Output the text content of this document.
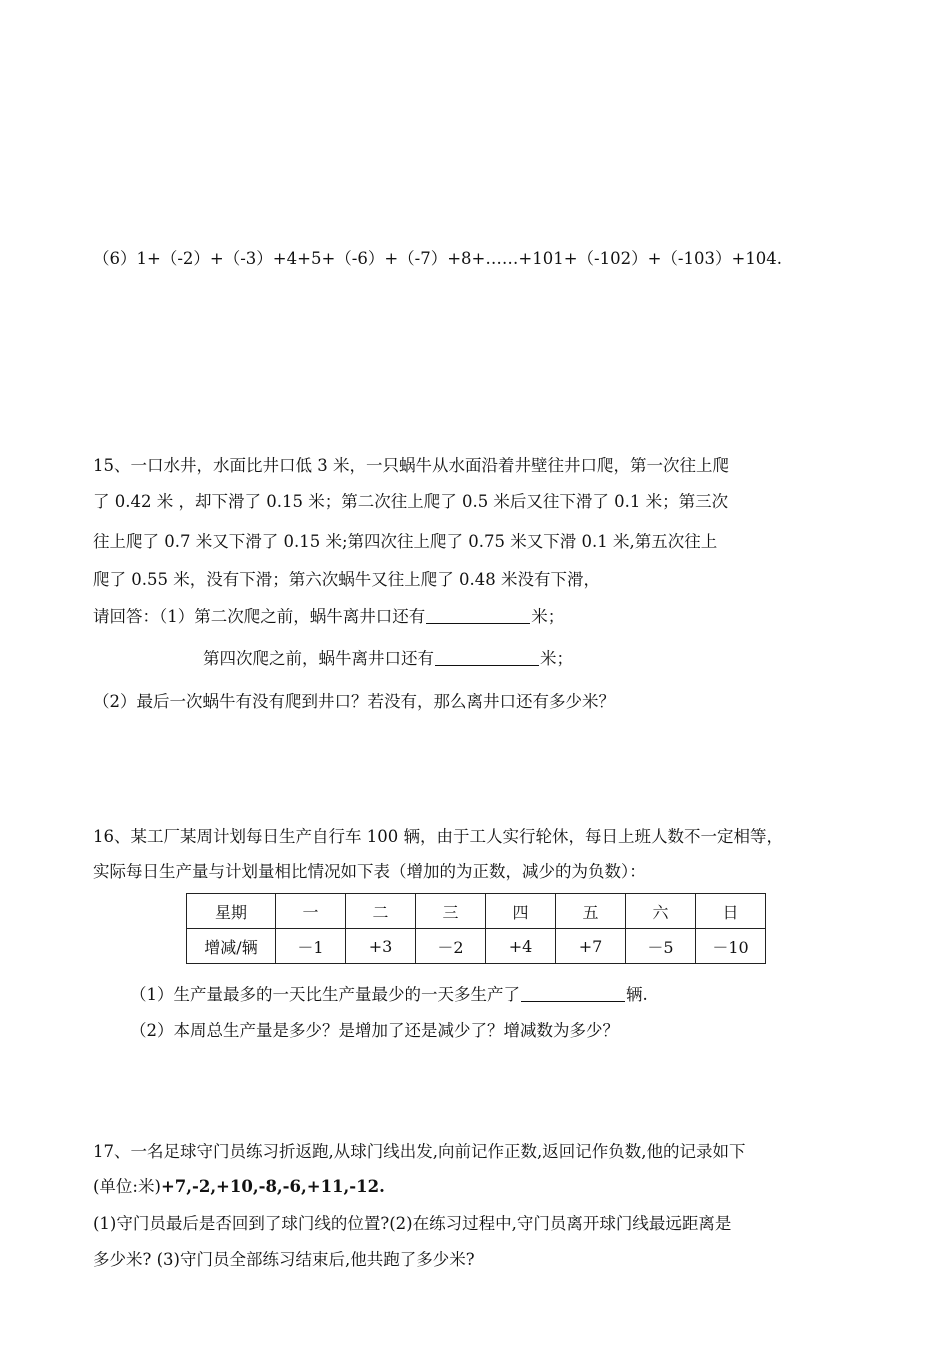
（6）1+（-2）+（-3）+4+5+（-6）+（-7）+8+……+101+（-102）+（-103）+104.
15、一口水井，水面比井口低 3 米，一只蜗牛从水面沿着井壁往井口爬，第一次往上爬
了 0.42 米 ，却下滑了 0.15 米；第二次往上爬了 0.5 米后又往下滑了 0.1 米；第三次
往上爬了 0.7 米又下滑了 0.15 米;第四次往上爬了 0.75 米又下滑 0.1 米,第五次往上
爬了 0.55 米，没有下滑；第六次蜗牛又往上爬了 0.48 米没有下滑，
请回答：（1）第二次爬之前，蜗牛离井口还有	米；
第四次爬之前，蜗牛离井口还有	米；
（2）最后一次蜗牛有没有爬到井口？若没有，那么离井口还有多少米？
16、某工厂某周计划每日生产自行车 100 辆，由于工人实行轮休，每日上班人数不一定相等，
实际每日生产量与计划量相比情况如下表（增加的为正数，减少的为负数）：
星期	一	二	三	四	五	六	日
增减/辆	－1	+3	－2	+4	+7	－5	－10
（1）生产量最多的一天比生产量最少的一天多生产了	辆.
（2）本周总生产量是多少？是增加了还是减少了？增减数为多少？
17、一名足球守门员练习折返跑,从球门线出发,向前记作正数,返回记作负数,他的记录如下
(单位:米)+7,-2,+10,-8,-6,+11,-12.
(1)守门员最后是否回到了球门线的位置?(2)在练习过程中,守门员离开球门线最远距离是
多少米? (3)守门员全部练习结束后,他共跑了多少米?
